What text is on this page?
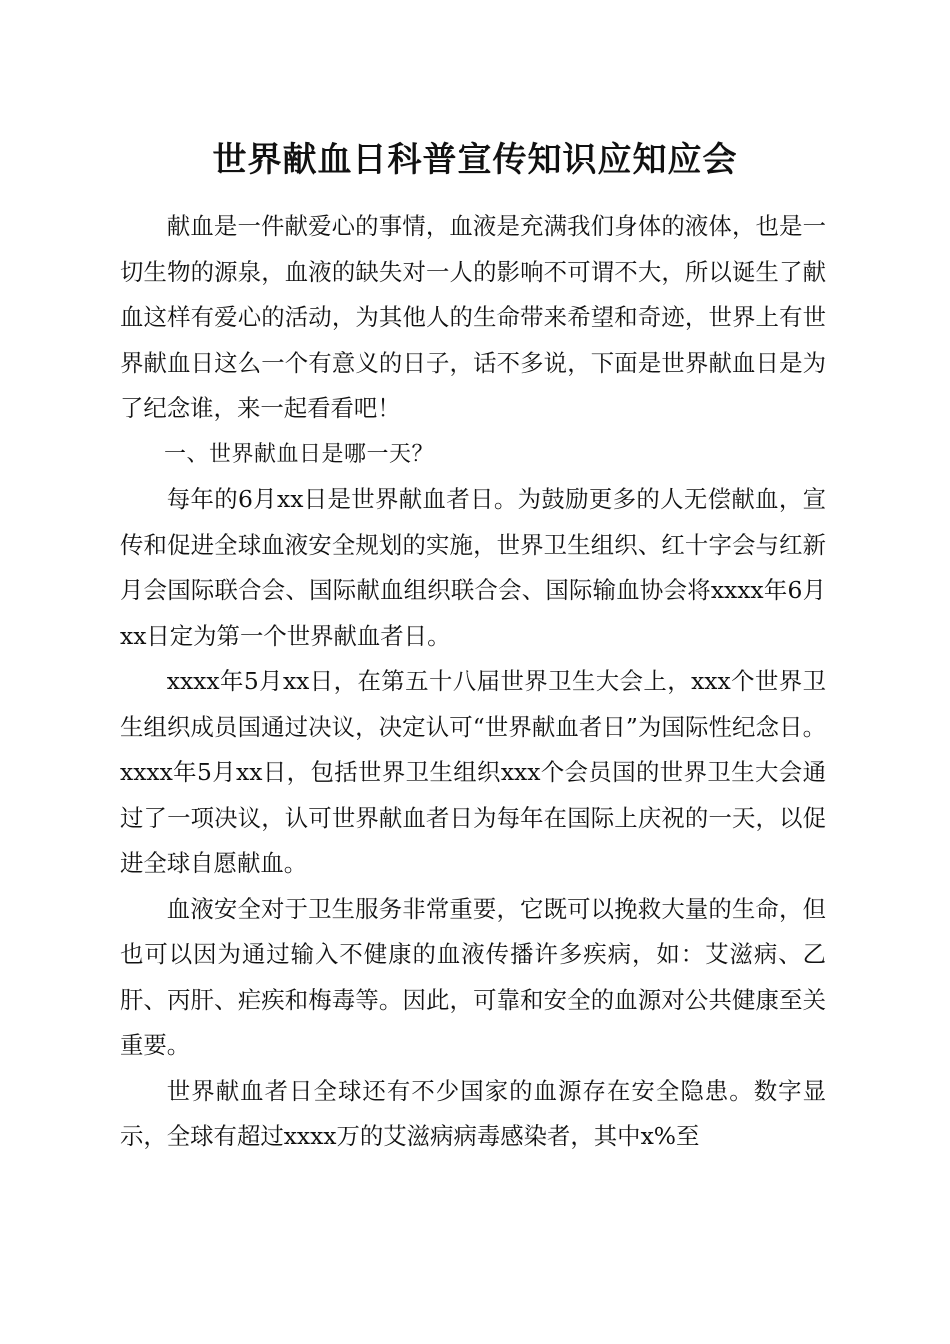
世界献血日科普宣传知识应知应会

献血是一件献爱心的事情，血液是充满我们身体的液体，也是一切生物的源泉，血液的缺失对一人的影响不可谓不大，所以诞生了献血这样有爱心的活动，为其他人的生命带来希望和奇迹，世界上有世界献血日这么一个有意义的日子，话不多说，下面是世界献血日是为了纪念谁，来一起看看吧！

一、世界献血日是哪一天？

每年的6月xx日是世界献血者日。为鼓励更多的人无偿献血，宣传和促进全球血液安全规划的实施，世界卫生组织、红十字会与红新月会国际联合会、国际献血组织联合会、国际输血协会将xxxx年6月xx日定为第一个世界献血者日。

xxxx年5月xx日，在第五十八届世界卫生大会上，xxx个世界卫生组织成员国通过决议，决定认可“世界献血者日”为国际性纪念日。xxxx年5月xx日，包括世界卫生组织xxx个会员国的世界卫生大会通过了一项决议，认可世界献血者日为每年在国际上庆祝的一天，以促进全球自愿献血。

血液安全对于卫生服务非常重要，它既可以挽救大量的生命，但也可以因为通过输入不健康的血液传播许多疾病，如：艾滋病、乙肝、丙肝、疟疾和梅毒等。因此，可靠和安全的血源对公共健康至关重要。

世界献血者日全球还有不少国家的血源存在安全隐患。数字显示，全球有超过xxxx万的艾滋病病毒感染者，其中x%至
